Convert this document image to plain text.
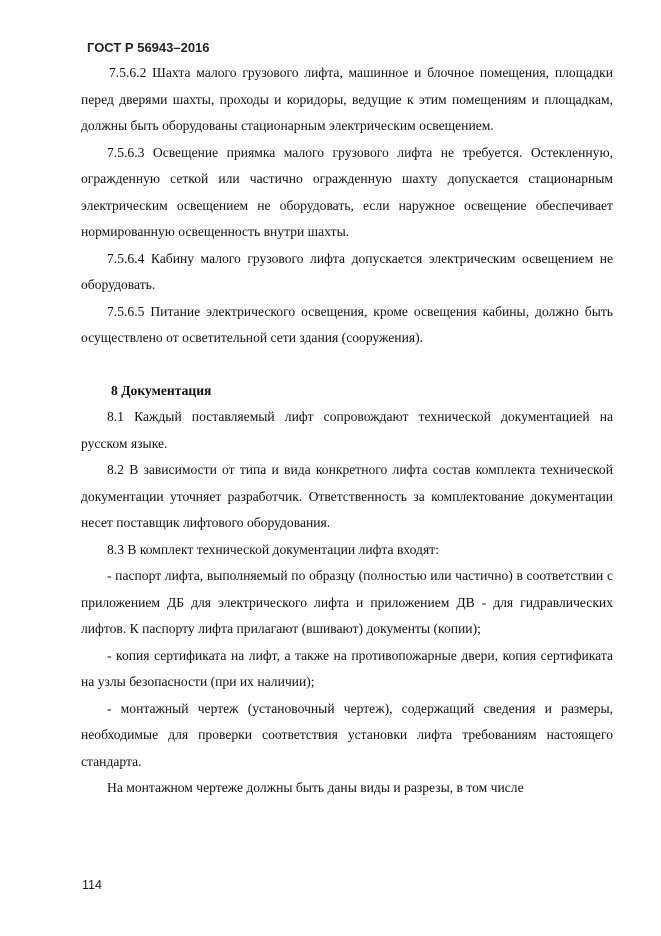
ГОСТ Р 56943–2016

7.5.6.2 Шахта малого грузового лифта, машинное и блочное помещения, площадки перед дверями шахты, проходы и коридоры, ведущие к этим помещениям и площадкам, должны быть оборудованы стационарным электрическим освещением.

7.5.6.3 Освещение приямка малого грузового лифта не требуется. Остекленную, огражденную сеткой или частично огражденную шахту допускается стационарным электрическим освещением не оборудовать, если наружное освещение обеспечивает нормированную освещенность внутри шахты.

7.5.6.4 Кабину малого грузового лифта допускается электрическим освещением не оборудовать.

7.5.6.5 Питание электрического освещения, кроме освещения кабины, должно быть осуществлено от осветительной сети здания (сооружения).

8 Документация

8.1 Каждый поставляемый лифт сопровождают технической документацией на русском языке.

8.2 В зависимости от типа и вида конкретного лифта состав комплекта технической документации уточняет разработчик. Ответственность за комплектование документации несет поставщик лифтового оборудования.

8.3 В комплект технической документации лифта входят:

- паспорт лифта, выполняемый по образцу (полностью или частично) в соответствии с приложением ДБ для электрического лифта и приложением ДВ - для гидравлических лифтов. К паспорту лифта прилагают (вшивают) документы (копии);

- копия сертификата на лифт, а также на противопожарные двери, копия сертификата на узлы безопасности (при их наличии);

- монтажный чертеж (установочный чертеж), содержащий сведения и размеры, необходимые для проверки соответствия установки лифта требованиям настоящего стандарта.

На монтажном чертеже должны быть даны виды и разрезы, в том числе

114
